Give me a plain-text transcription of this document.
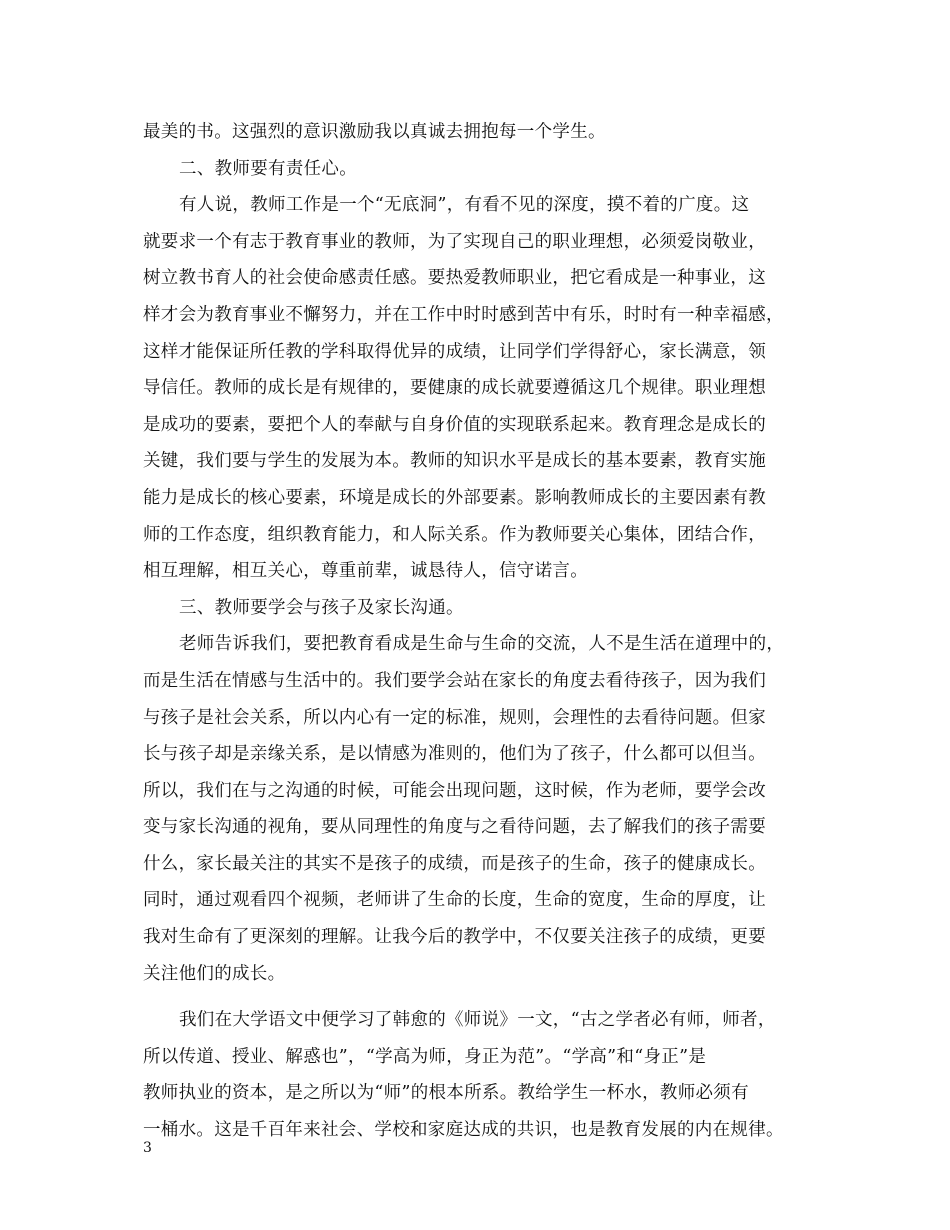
最美的书。这强烈的意识激励我以真诚去拥抱每一个学生。
二、教师要有责任心。
有人说，教师工作是一个“无底洞”，有看不见的深度，摸不着的广度。这
就要求一个有志于教育事业的教师，为了实现自己的职业理想，必须爱岗敬业，
树立教书育人的社会使命感责任感。要热爱教师职业，把它看成是一种事业，这
样才会为教育事业不懈努力，并在工作中时时感到苦中有乐，时时有一种幸福感，
这样才能保证所任教的学科取得优异的成绩，让同学们学得舒心，家长满意，领
导信任。教师的成长是有规律的，要健康的成长就要遵循这几个规律。职业理想
是成功的要素，要把个人的奉献与自身价值的实现联系起来。教育理念是成长的
关键，我们要与学生的发展为本。教师的知识水平是成长的基本要素，教育实施
能力是成长的核心要素，环境是成长的外部要素。影响教师成长的主要因素有教
师的工作态度，组织教育能力，和人际关系。作为教师要关心集体，团结合作，
相互理解，相互关心，尊重前辈，诚恳待人，信守诺言。
三、教师要学会与孩子及家长沟通。
老师告诉我们，要把教育看成是生命与生命的交流，人不是生活在道理中的，
而是生活在情感与生活中的。我们要学会站在家长的角度去看待孩子，因为我们
与孩子是社会关系，所以内心有一定的标准，规则，会理性的去看待问题。但家
长与孩子却是亲缘关系，是以情感为准则的，他们为了孩子，什么都可以但当。
所以，我们在与之沟通的时候，可能会出现问题，这时候，作为老师，要学会改
变与家长沟通的视角，要从同理性的角度与之看待问题，去了解我们的孩子需要
什么，家长最关注的其实不是孩子的成绩，而是孩子的生命，孩子的健康成长。
同时，通过观看四个视频，老师讲了生命的长度，生命的宽度，生命的厚度，让
我对生命有了更深刻的理解。让我今后的教学中，不仅要关注孩子的成绩，更要
关注他们的成长。
我们在大学语文中便学习了韩愈的《师说》一文，“古之学者必有师，师者，
所以传道、授业、解惑也”，“学高为师，身正为范”。“学高”和“身正”是
教师执业的资本，是之所以为“师”的根本所系。教给学生一杯水，教师必须有
一桶水。这是千百年来社会、学校和家庭达成的共识，也是教育发展的内在规律。
3
